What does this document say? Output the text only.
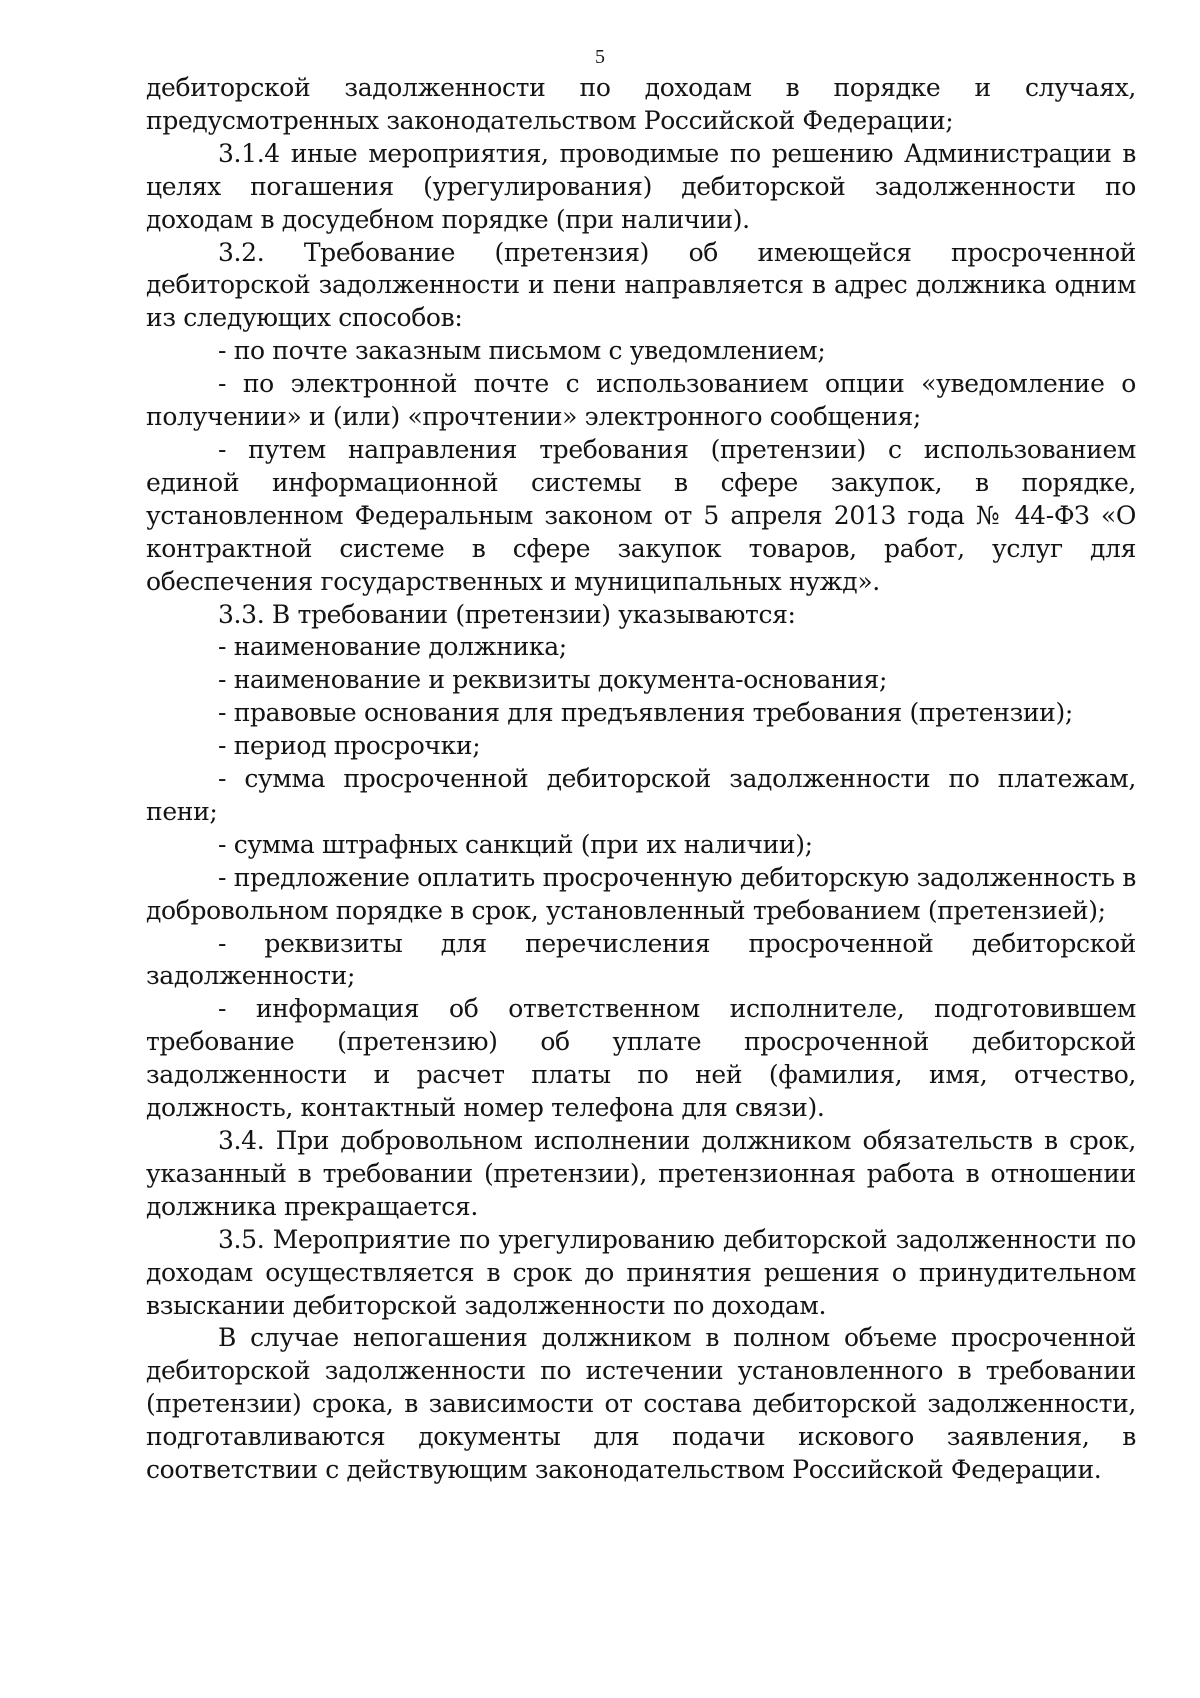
5

дебиторской задолженности по доходам в порядке и случаях, предусмотренных законодательством Российской Федерации;

3.1.4 иные мероприятия, проводимые по решению Администрации в целях погашения (урегулирования) дебиторской задолженности по доходам в досудебном порядке (при наличии).

3.2. Требование (претензия) об имеющейся просроченной дебиторской задолженности и пени направляется в адрес должника одним из следующих способов:

- по почте заказным письмом с уведомлением;

- по электронной почте с использованием опции «уведомление о получении» и (или) «прочтении» электронного сообщения;

- путем направления требования (претензии) с использованием единой информационной системы в сфере закупок, в порядке, установленном Федеральным законом от 5 апреля 2013 года № 44-ФЗ «О контрактной системе в сфере закупок товаров, работ, услуг для обеспечения государственных и муниципальных нужд».

3.3. В требовании (претензии) указываются:

- наименование должника;

- наименование и реквизиты документа-основания;

- правовые основания для предъявления требования (претензии);

- период просрочки;

- сумма просроченной дебиторской задолженности по платежам, пени;

- сумма штрафных санкций (при их наличии);

- предложение оплатить просроченную дебиторскую задолженность в добровольном порядке в срок, установленный требованием (претензией);

- реквизиты для перечисления просроченной дебиторской задолженности;

- информация об ответственном исполнителе, подготовившем требование (претензию) об уплате просроченной дебиторской задолженности и расчет платы по ней (фамилия, имя, отчество, должность, контактный номер телефона для связи).

3.4. При добровольном исполнении должником обязательств в срок, указанный в требовании (претензии), претензионная работа в отношении должника прекращается.

3.5. Мероприятие по урегулированию дебиторской задолженности по доходам осуществляется в срок до принятия решения о принудительном взыскании дебиторской задолженности по доходам.

В случае непогашения должником в полном объеме просроченной дебиторской задолженности по истечении установленного в требовании (претензии) срока, в зависимости от состава дебиторской задолженности, подготавливаются документы для подачи искового заявления, в соответствии с действующим законодательством Российской Федерации.
